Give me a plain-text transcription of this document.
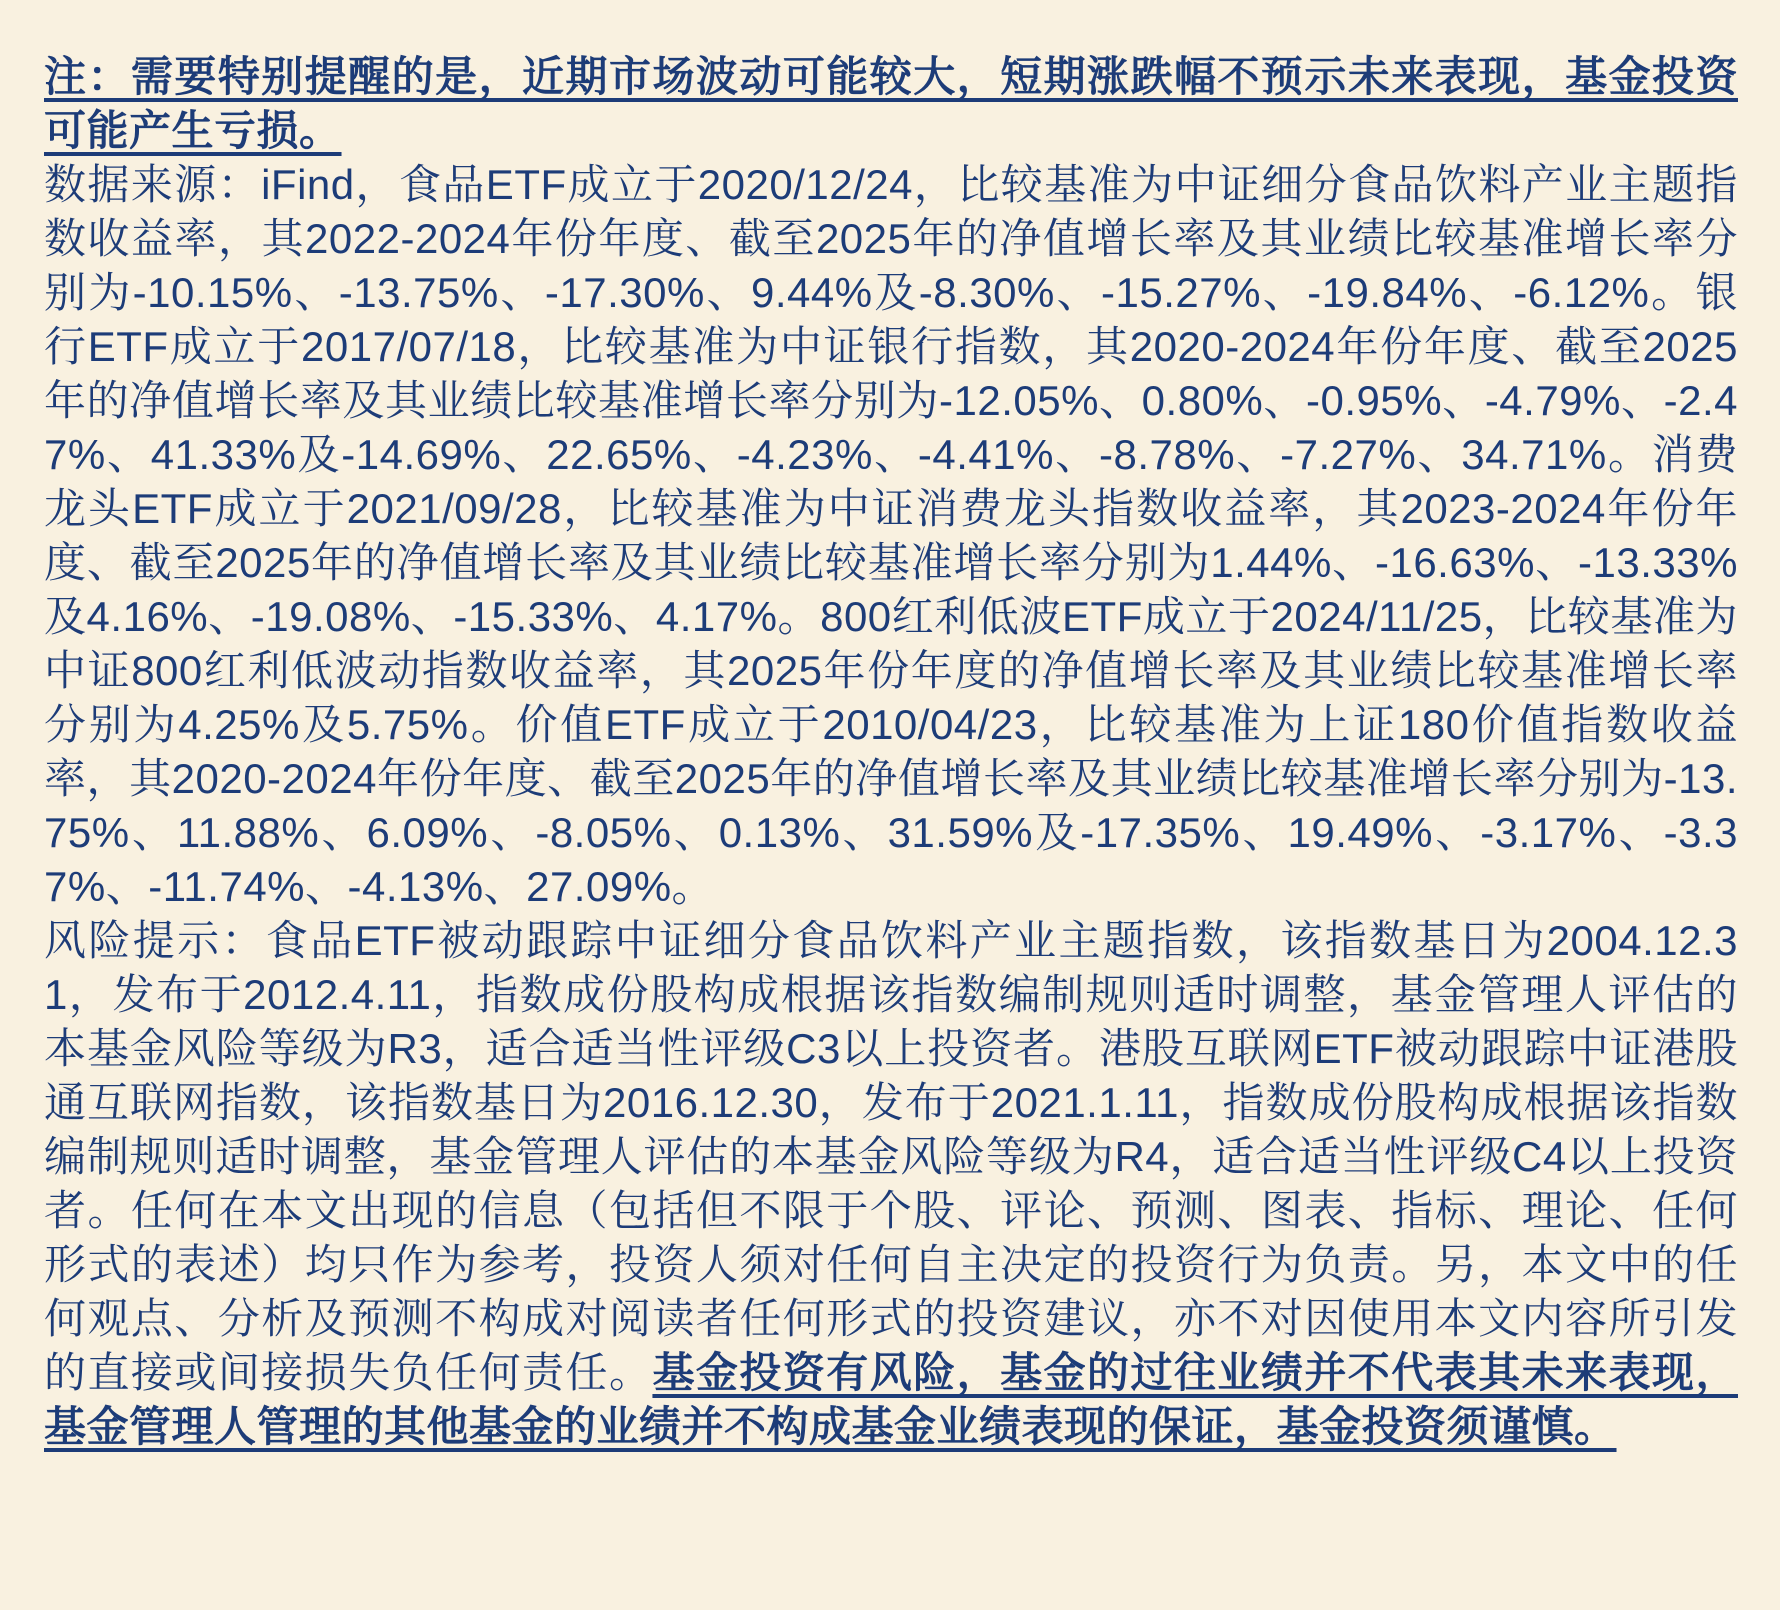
注：需要特别提醒的是，近期市场波动可能较大，短期涨跌幅不预示未来表现，基金投资可能产生亏损。

数据来源：iFind，食品ETF成立于2020/12/24，比较基准为中证细分食品饮料产业主题指数收益率，其2022-2024年份年度、截至2025年的净值增长率及其业绩比较基准增长率分别为-10.15%、-13.75%、-17.30%、9.44%及-8.30%、-15.27%、-19.84%、-6.12%。银行ETF成立于2017/07/18，比较基准为中证银行指数，其2020-2024年份年度、截至2025年的净值增长率及其业绩比较基准增长率分别为-12.05%、0.80%、-0.95%、-4.79%、-2.47%、41.33%及-14.69%、22.65%、-4.23%、-4.41%、-8.78%、-7.27%、34.71%。消费龙头ETF成立于2021/09/28，比较基准为中证消费龙头指数收益率，其2023-2024年份年度、截至2025年的净值增长率及其业绩比较基准增长率分别为1.44%、-16.63%、-13.33%及4.16%、-19.08%、-15.33%、4.17%。800红利低波ETF成立于2024/11/25，比较基准为中证800红利低波动指数收益率，其2025年份年度的净值增长率及其业绩比较基准增长率分别为4.25%及5.75%。价值ETF成立于2010/04/23，比较基准为上证180价值指数收益率，其2020-2024年份年度、截至2025年的净值增长率及其业绩比较基准增长率分别为-13.75%、11.88%、6.09%、-8.05%、0.13%、31.59%及-17.35%、19.49%、-3.17%、-3.37%、-11.74%、-4.13%、27.09%。

风险提示：食品ETF被动跟踪中证细分食品饮料产业主题指数，该指数基日为2004.12.31，发布于2012.4.11，指数成份股构成根据该指数编制规则适时调整，基金管理人评估的本基金风险等级为R3，适合适当性评级C3以上投资者。港股互联网ETF被动跟踪中证港股通互联网指数，该指数基日为2016.12.30，发布于2021.1.11，指数成份股构成根据该指数编制规则适时调整，基金管理人评估的本基金风险等级为R4，适合适当性评级C4以上投资者。任何在本文出现的信息（包括但不限于个股、评论、预测、图表、指标、理论、任何形式的表述）均只作为参考，投资人须对任何自主决定的投资行为负责。另，本文中的任何观点、分析及预测不构成对阅读者任何形式的投资建议，亦不对因使用本文内容所引发的直接或间接损失负任何责任。基金投资有风险，基金的过往业绩并不代表其未来表现，基金管理人管理的其他基金的业绩并不构成基金业绩表现的保证，基金投资须谨慎。
